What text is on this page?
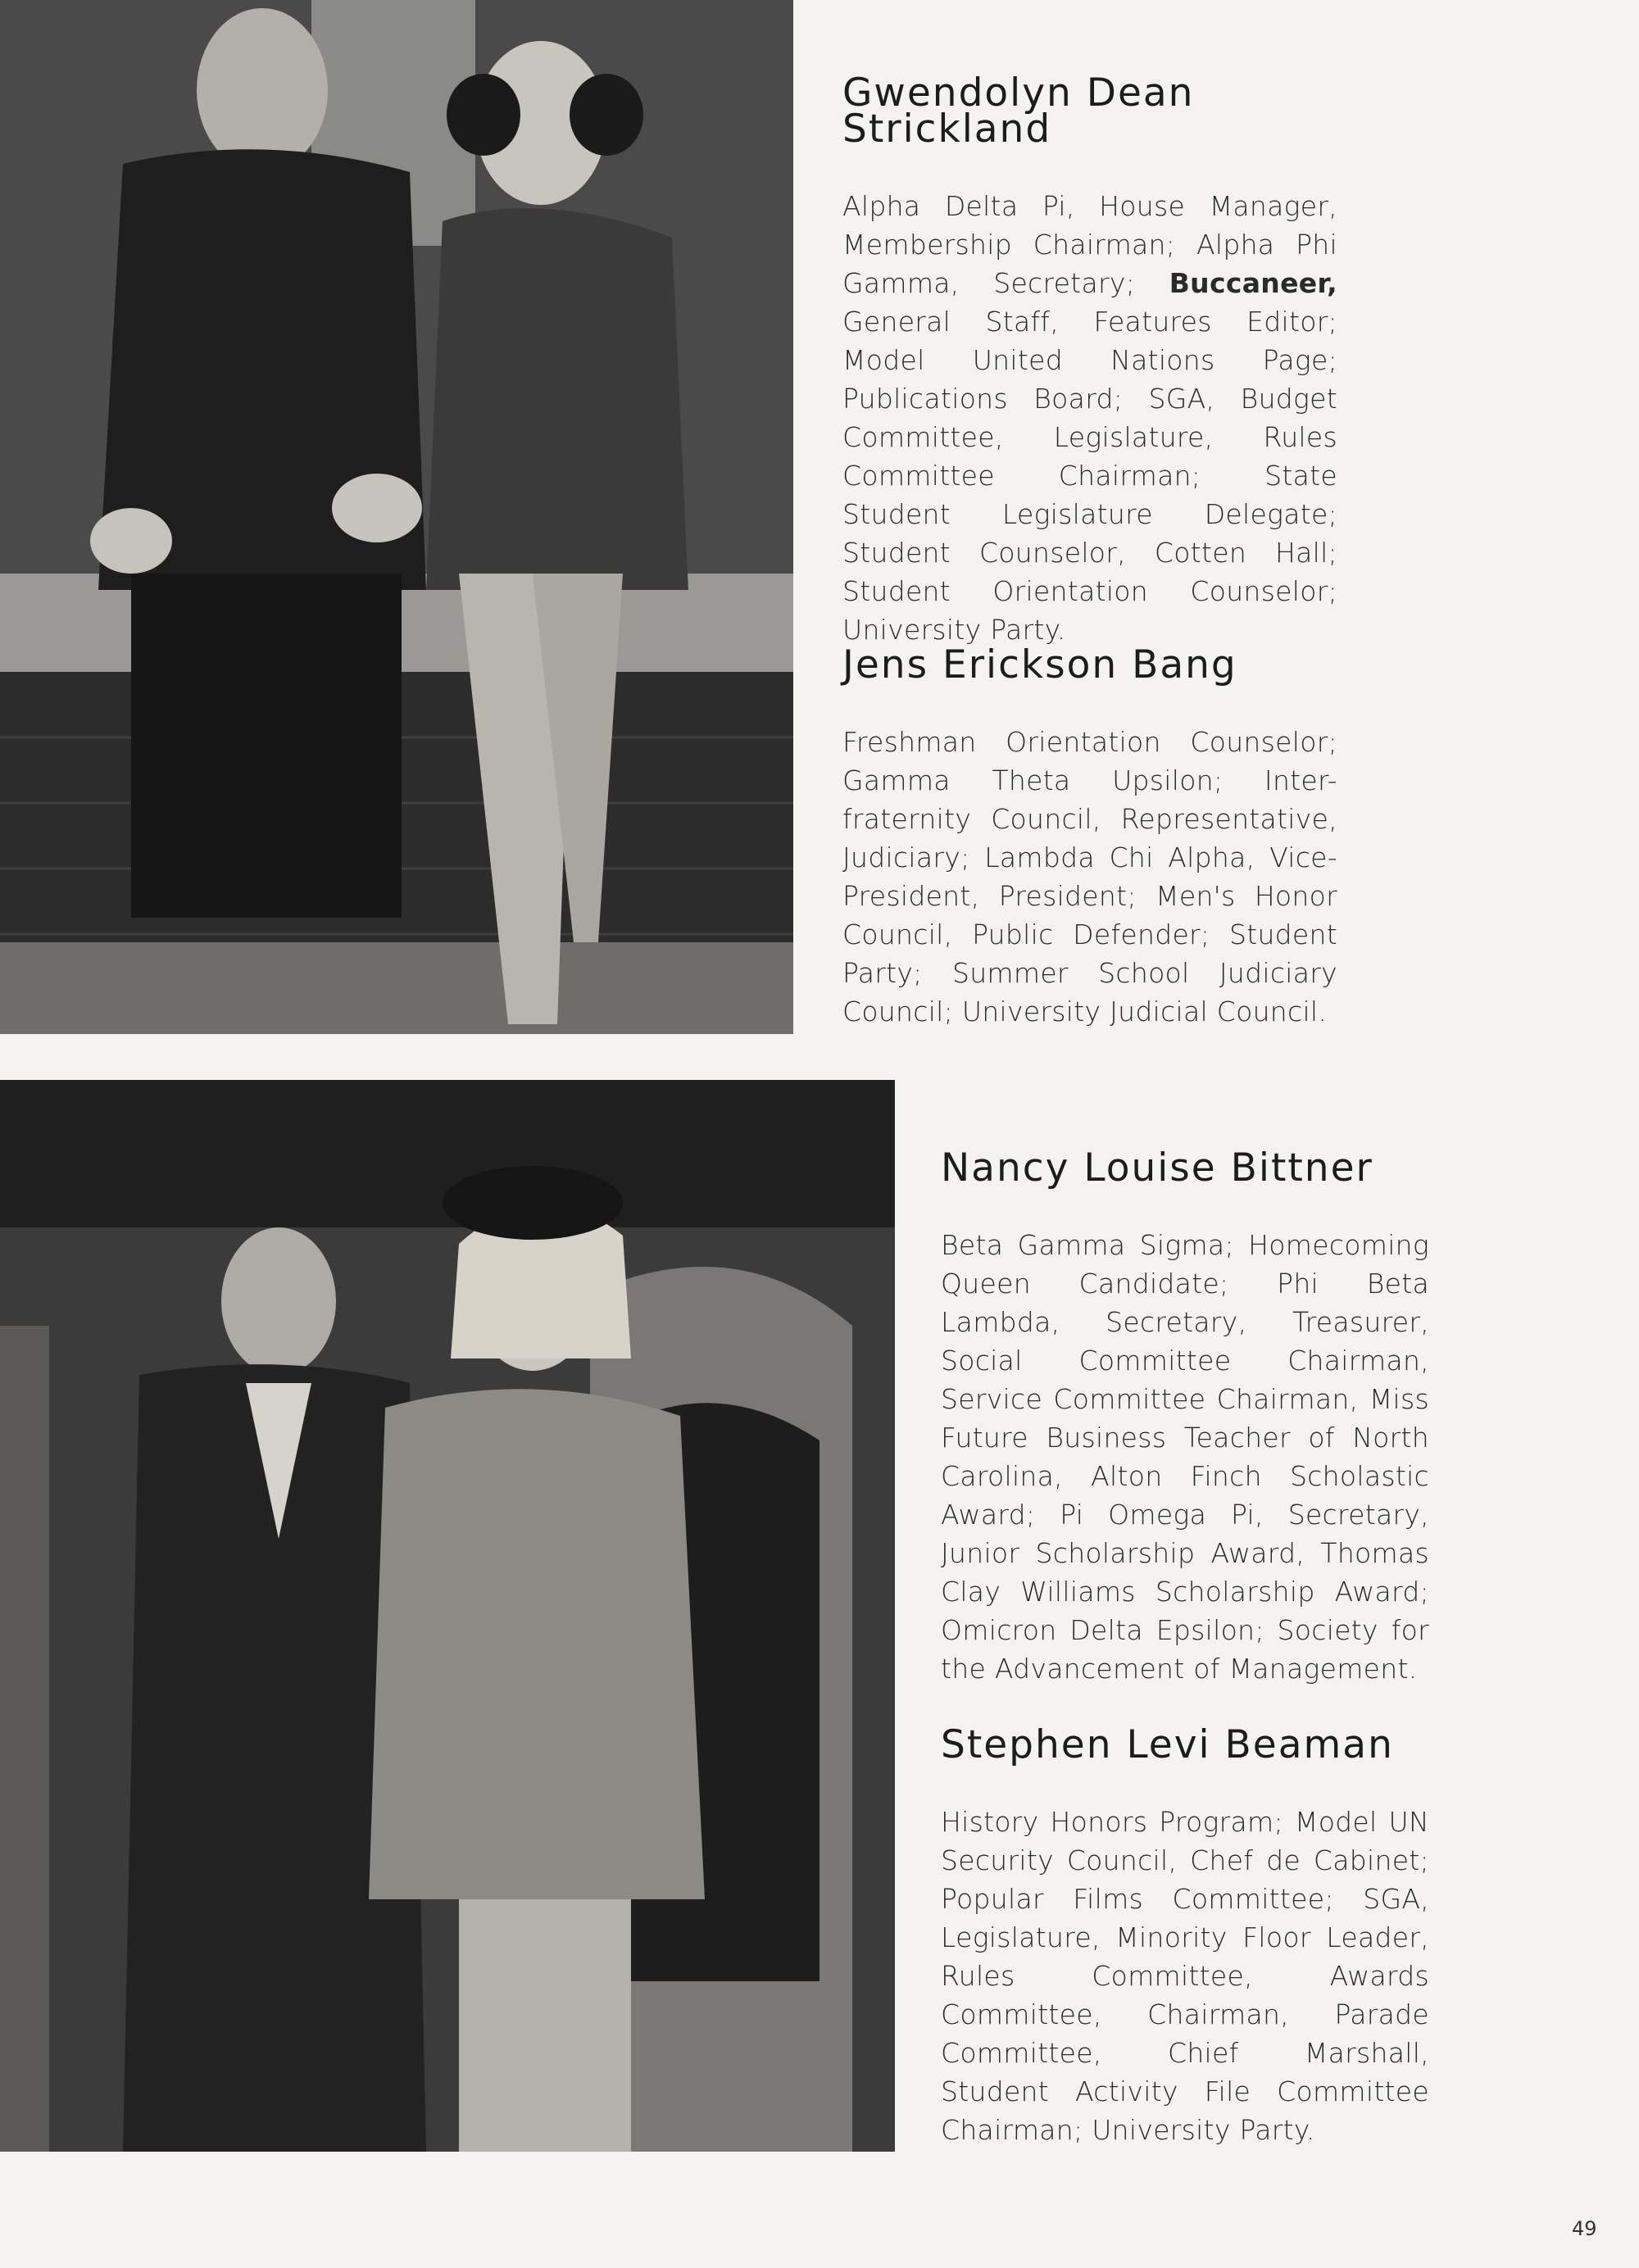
Gwendolyn Dean
Strickland

Alpha Delta Pi, House Manager, Membership Chairman; Alpha Phi Gamma, Secretary; Buccaneer, General Staff, Features Editor; Model United Nations Page; Publications Board; SGA, Budget Committee, Legislature, Rules Committee Chairman; State Student Legislature Delegate; Student Counselor, Cotten Hall; Student Orientation Counselor; University Party.

Jens Erickson Bang

Freshman Orientation Counselor; Gamma Theta Upsilon; Inter-fraternity Council, Representative, Judiciary; Lambda Chi Alpha, Vice-President, President; Men's Honor Council, Public Defender; Student Party; Summer School Judiciary Council; University Judicial Council.

Nancy Louise Bittner

Beta Gamma Sigma; Homecoming Queen Candidate; Phi Beta Lambda, Secretary, Treasurer, Social Committee Chairman, Service Committee Chairman, Miss Future Business Teacher of North Carolina, Alton Finch Scholastic Award; Pi Omega Pi, Secretary, Junior Scholarship Award, Thomas Clay Williams Scholarship Award; Omicron Delta Epsilon; Society for the Advancement of Management.

Stephen Levi Beaman

History Honors Program; Model UN Security Council, Chef de Cabinet; Popular Films Committee; SGA, Legislature, Minority Floor Leader, Rules Committee, Awards Committee, Chairman, Parade Committee, Chief Marshall, Student Activity File Committee Chairman; University Party.

49
